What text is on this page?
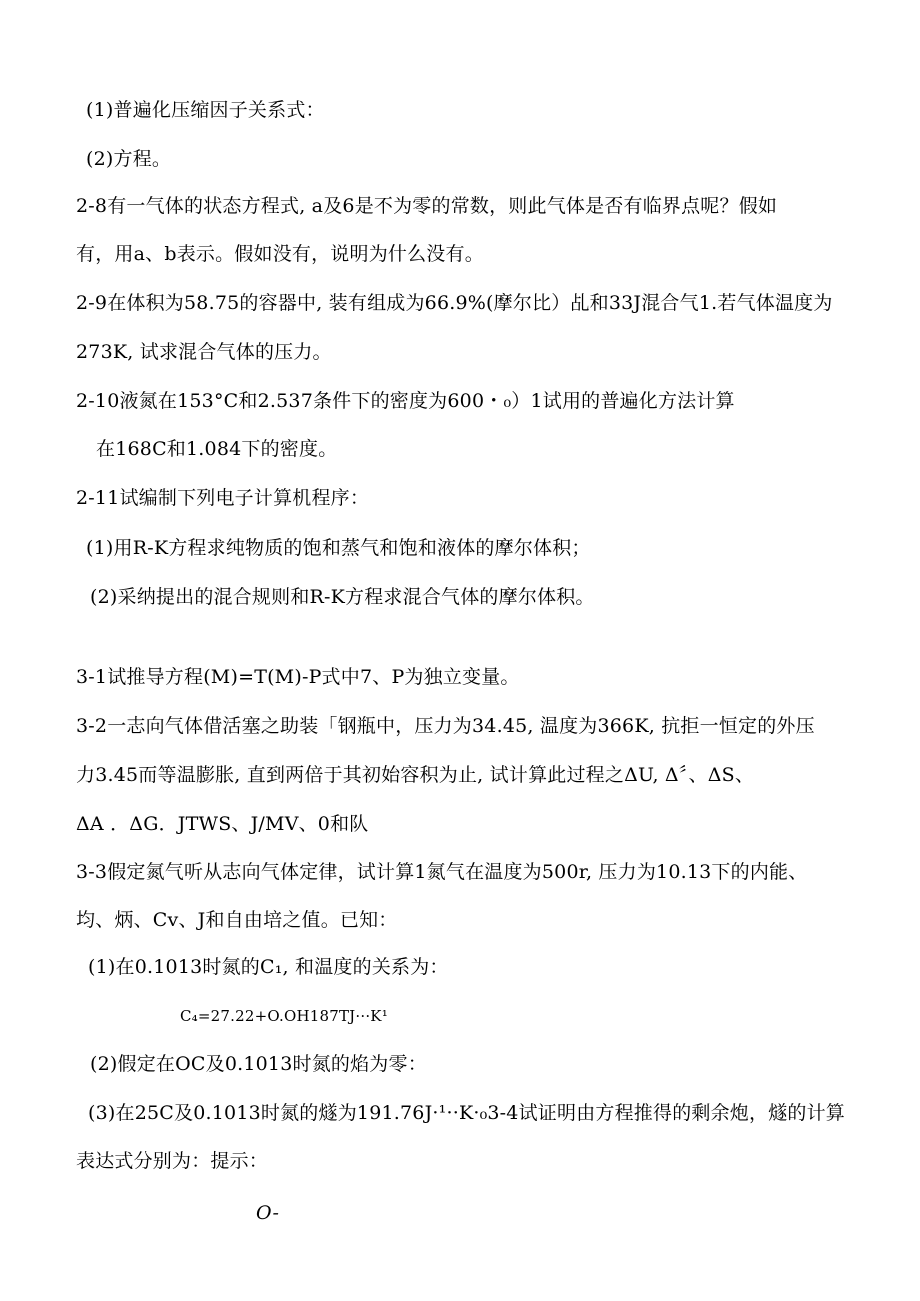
(1)普遍化压缩因子关系式：
(2)方程。
2-8有一气体的状态方程式, a及6是不为零的常数，则此气体是否有临界点呢？假如
有，用a、b表示。假如没有，说明为什么没有。
2-9在体积为58.75的容器中, 装有组成为66.9%(摩尔比）乩和33J混合气1.若气体温度为
273K, 试求混合气体的压力。
2-10液氮在153°C和2.537条件下的密度为600・₀）1试用的普遍化方法计算
在168C和1.084下的密度。
2-11试编制下列电子计算机程序：
(1)用R-K方程求纯物质的饱和蒸气和饱和液体的摩尔体积；
(2)采纳提出的混合规则和R-K方程求混合气体的摩尔体积。
3-1试推导方程(M)=T(M)-P式中7、P为独立变量。
3-2一志向气体借活塞之助装「钢瓶中，压力为34.45, 温度为366K, 抗拒一恒定的外压
力3.45而等温膨胀, 直到两倍于其初始容积为止, 试计算此过程之ΔU, Δ〞、ΔS、
ΔA ．ΔG．JTWS、J/MV、0和队
3-3假定氮气听从志向气体定律，试计算1氮气在温度为500r, 压力为10.13下的内能、
均、炳、Cv、J和自由培之值。已知：
(1)在0.1013时氮的C₁, 和温度的关系为：
C₄=27.22+O.OH187TJ···K¹
(2)假定在OC及0.1013时氮的焰为零：
(3)在25C及0.1013时氮的燧为191.76J·¹··K·₀3-4试证明由方程推得的剩余炮，燧的计算
表达式分别为：提示：
O-
